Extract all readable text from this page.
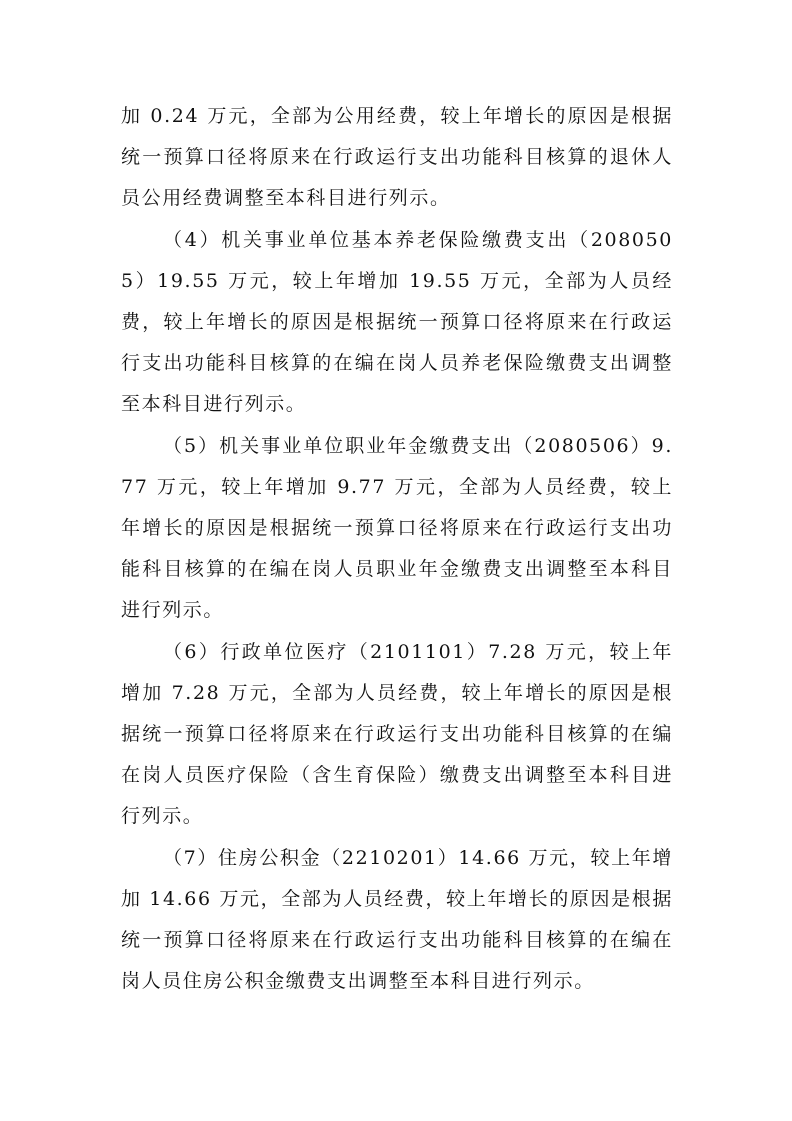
加 0.24 万元，全部为公用经费，较上年增长的原因是根据统一预算口径将原来在行政运行支出功能科目核算的退休人员公用经费调整至本科目进行列示。

（4）机关事业单位基本养老保险缴费支出（2080505）19.55 万元，较上年增加 19.55 万元，全部为人员经费，较上年增长的原因是根据统一预算口径将原来在行政运行支出功能科目核算的在编在岗人员养老保险缴费支出调整至本科目进行列示。

（5）机关事业单位职业年金缴费支出（2080506）9.77 万元，较上年增加 9.77 万元，全部为人员经费，较上年增长的原因是根据统一预算口径将原来在行政运行支出功能科目核算的在编在岗人员职业年金缴费支出调整至本科目进行列示。

（6）行政单位医疗（2101101）7.28 万元，较上年增加 7.28 万元，全部为人员经费，较上年增长的原因是根据统一预算口径将原来在行政运行支出功能科目核算的在编在岗人员医疗保险（含生育保险）缴费支出调整至本科目进行列示。

（7）住房公积金（2210201）14.66 万元，较上年增加 14.66 万元，全部为人员经费，较上年增长的原因是根据统一预算口径将原来在行政运行支出功能科目核算的在编在岗人员住房公积金缴费支出调整至本科目进行列示。
